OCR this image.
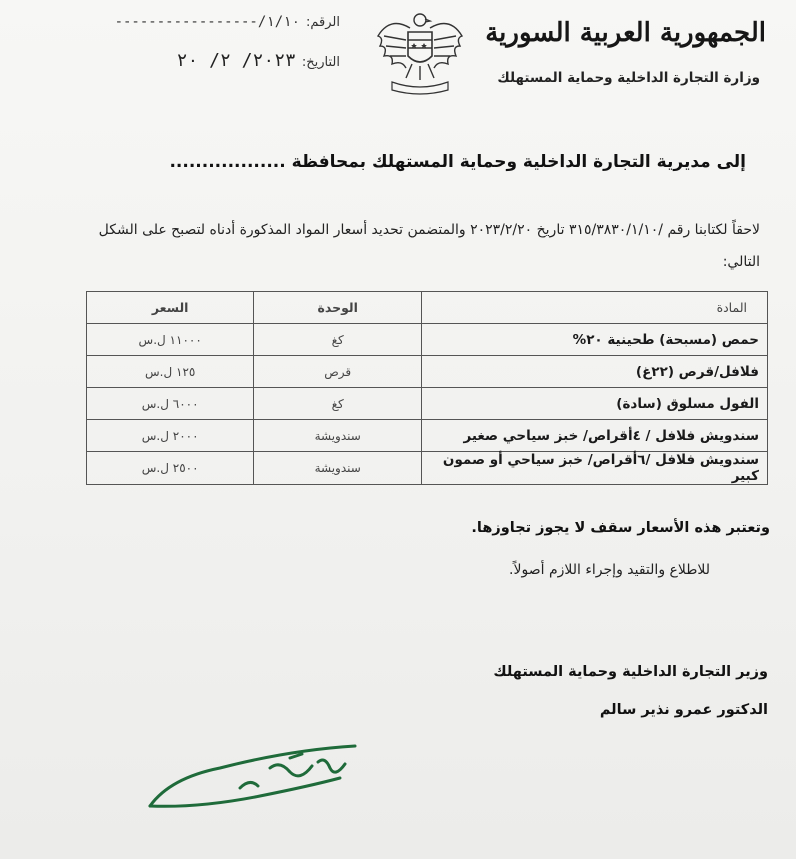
الجمهورية العربية السورية
وزارة التجارة الداخلية وحماية المستهلك
الرقم:
١/١٠/-----------------
التاريخ:
٢٠٢٣/ ٢/ ٢٠
إلى مديرية التجارة الداخلية وحماية المستهلك بمحافظة ..................
لاحقاً لكتابنا رقم /٣١٥/٣٨٣٠/١/١٠ تاريخ ٢٠٢٣/٢/٢٠ والمتضمن تحديد أسعار المواد المذكورة أدناه لتصبح على الشكل التالي:
المادة	الوحدة	السعر
حمص (مسبحة) طحينية ٢٠%	كغ	١١٠٠٠ ل.س
فلافل/قرص (٢٢غ)	قرص	١٢٥ ل.س
الفول مسلوق (سادة)	كغ	٦٠٠٠ ل.س
سندويش فلافل / ٤أقراص/ خبز سياحي صغير	سندويشة	٢٠٠٠ ل.س
سندويش فلافل /٦أقراص/ خبز سياحي أو صمون كبير	سندويشة	٢٥٠٠ ل.س
وتعتبر هذه الأسعار سقف لا يجوز تجاوزها.
للاطلاع والتقيد وإجراء اللازم أصولاً.
وزير التجارة الداخلية وحماية المستهلك
الدكتور عمرو نذير سالم
